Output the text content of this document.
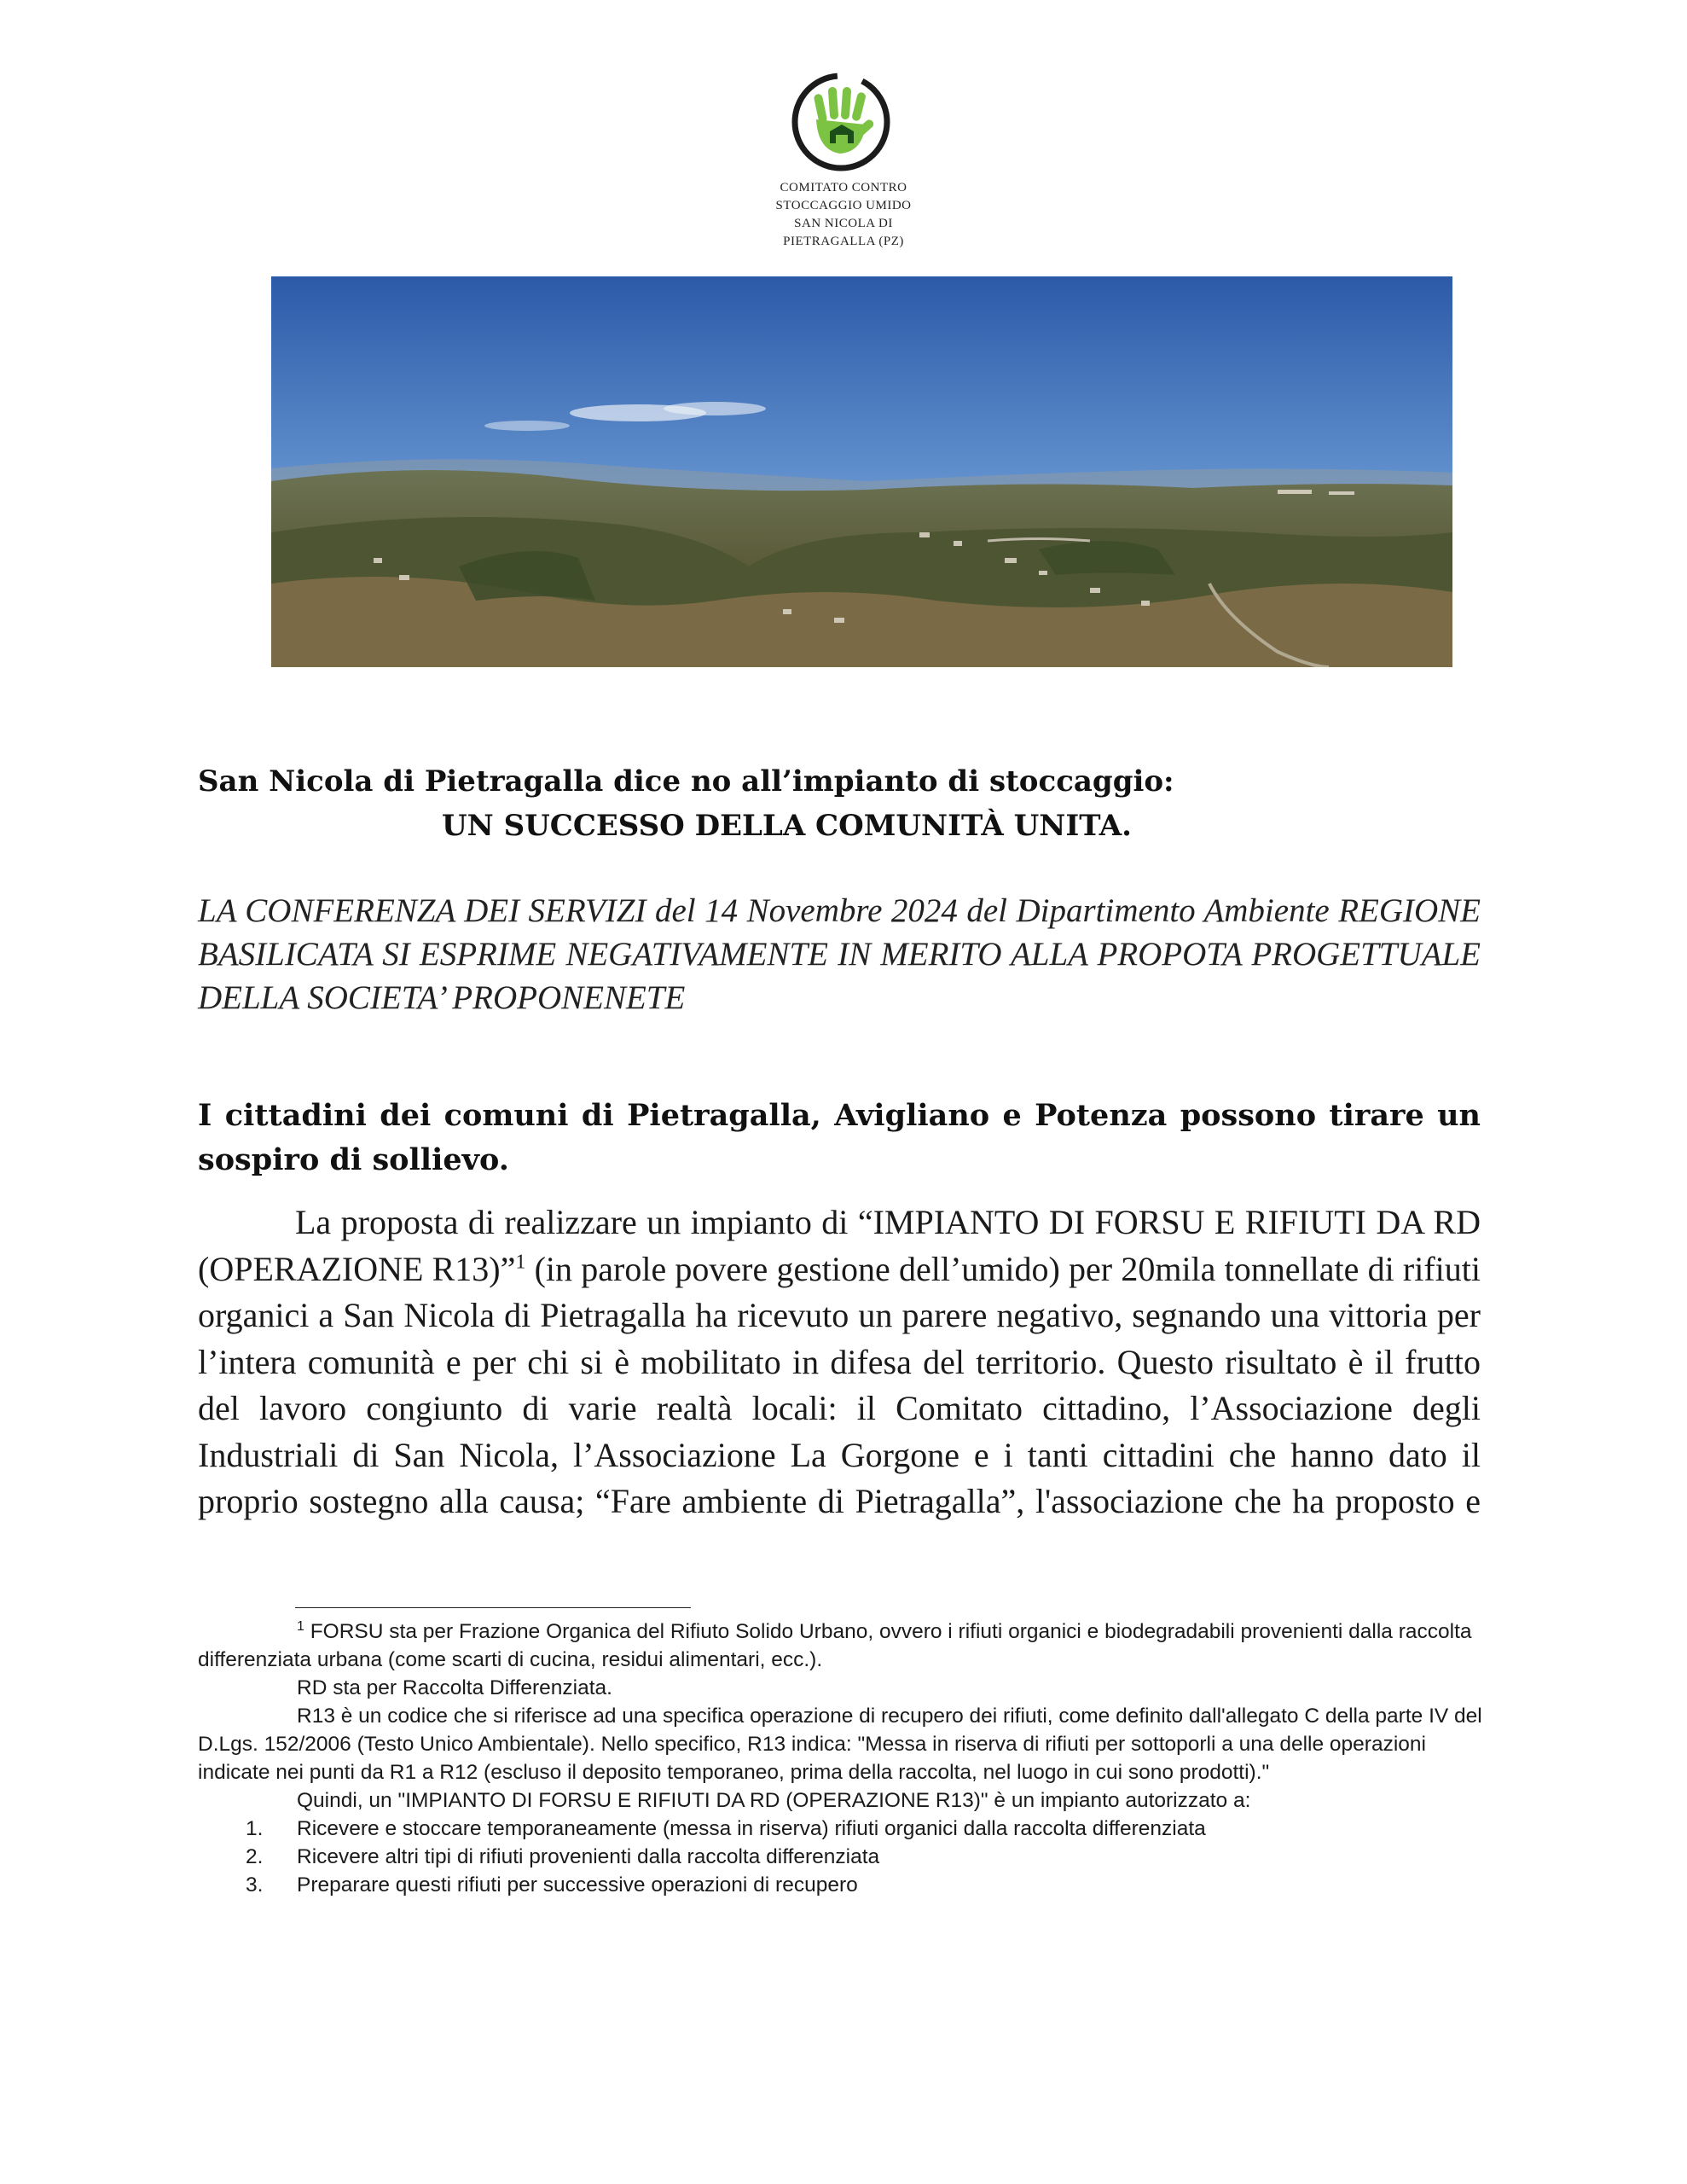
COMITATO CONTRO
STOCCAGGIO UMIDO
SAN NICOLA DI
PIETRAGALLA (PZ)
San Nicola di Pietragalla dice no all’impianto di stoccaggio:
UN SUCCESSO DELLA COMUNITÀ UNITA.
LA CONFERENZA DEI SERVIZI del 14 Novembre 2024 del Dipartimento Ambiente REGIONE BASILICATA SI ESPRIME NEGATIVAMENTE IN MERITO ALLA PROPOTA PROGETTUALE DELLA SOCIETA’ PROPONENETE
I cittadini dei comuni di Pietragalla, Avigliano e Potenza possono tirare un sospiro di sollievo.
La proposta di realizzare un impianto di “IMPIANTO DI FORSU E RIFIUTI DA RD (OPERAZIONE R13)”$^1$ (in parole povere gestione dell’umido) per 20mila tonnellate di rifiuti organici a San Nicola di Pietragalla ha ricevuto un parere negativo, segnando una vittoria per l’intera comunità e per chi si è mobilitato in difesa del territorio. Questo risultato è il frutto del lavoro congiunto di varie realtà locali: il Comitato cittadino, l’Associazione degli Industriali di San Nicola, l’Associazione La Gorgone e i tanti cittadini che hanno dato il proprio sostegno alla causa; “Fare ambiente di Pietragalla”, l'associazione che ha proposto e

$^1$ FORSU sta per Frazione Organica del Rifiuto Solido Urbano, ovvero i rifiuti organici e biodegradabili provenienti dalla raccolta differenziata urbana (come scarti di cucina, residui alimentari, ecc.).

RD sta per Raccolta Differenziata.

R13 è un codice che si riferisce ad una specifica operazione di recupero dei rifiuti, come definito dall'allegato C della parte IV del D.Lgs. 152/2006 (Testo Unico Ambientale). Nello specifico, R13 indica: "Messa in riserva di rifiuti per sottoporli a una delle operazioni indicate nei punti da R1 a R12 (escluso il deposito temporaneo, prima della raccolta, nel luogo in cui sono prodotti)."

Quindi, un "IMPIANTO DI FORSU E RIFIUTI DA RD (OPERAZIONE R13)" è un impianto autorizzato a:

1. Ricevere e stoccare temporaneamente (messa in riserva) rifiuti organici dalla raccolta differenziata
2. Ricevere altri tipi di rifiuti provenienti dalla raccolta differenziata
3. Preparare questi rifiuti per successive operazioni di recupero
